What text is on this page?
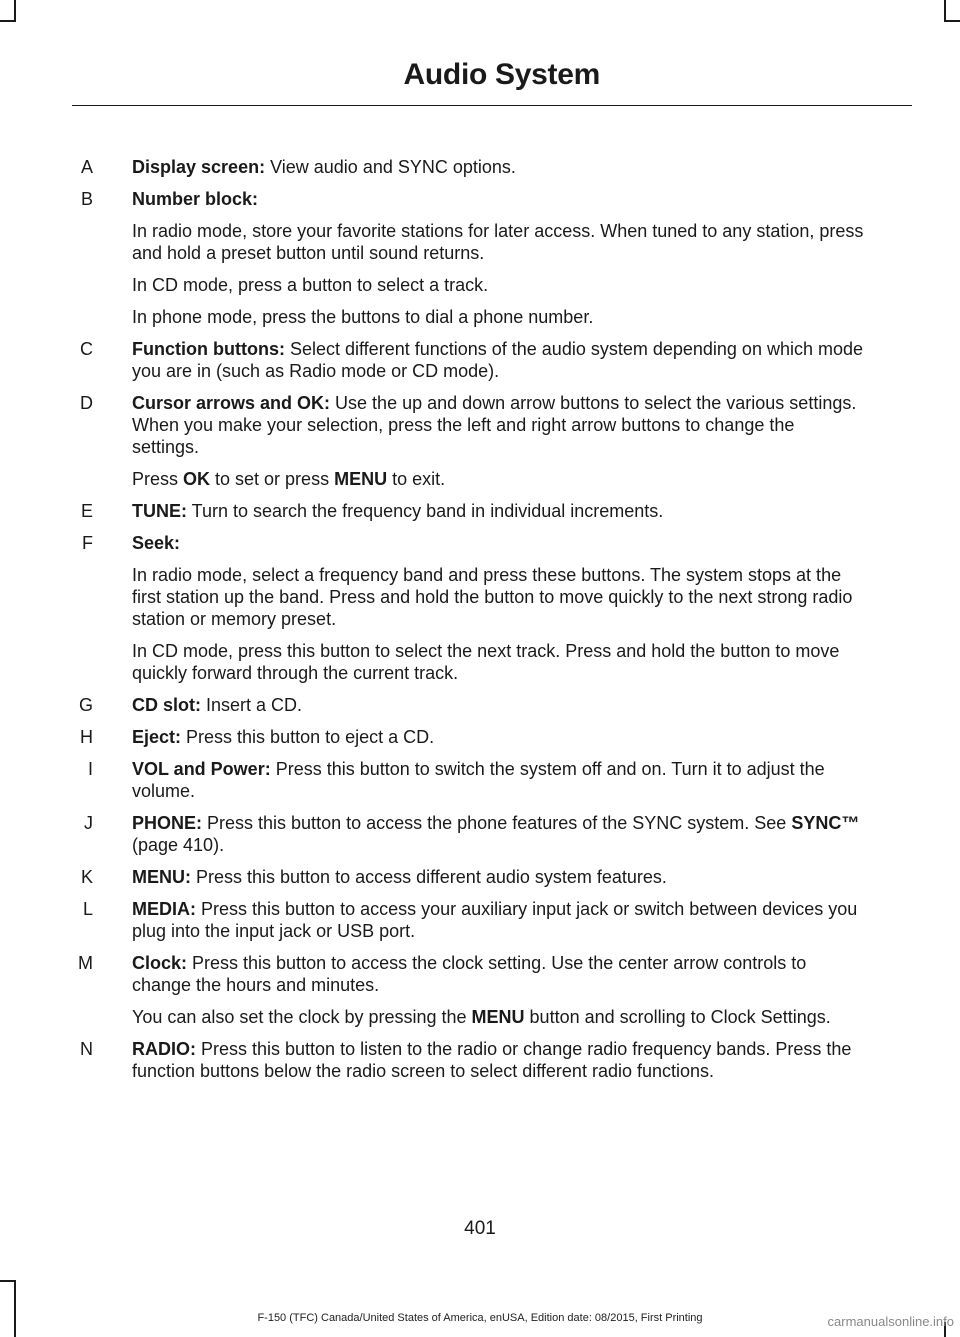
Audio System
A	Display screen: View audio and SYNC options.

B	Number block:

In radio mode, store your favorite stations for later access. When tuned to any station, press and hold a preset button until sound returns.

In CD mode, press a button to select a track.

In phone mode, press the buttons to dial a phone number.

C	Function buttons: Select different functions of the audio system depending on which mode you are in (such as Radio mode or CD mode).

D	Cursor arrows and OK: Use the up and down arrow buttons to select the various settings. When you make your selection, press the left and right arrow buttons to change the settings.

Press OK to set or press MENU to exit.

E	TUNE: Turn to search the frequency band in individual increments.

F	Seek:

In radio mode, select a frequency band and press these buttons. The system stops at the first station up the band. Press and hold the button to move quickly to the next strong radio station or memory preset.

In CD mode, press this button to select the next track. Press and hold the button to move quickly forward through the current track.

G	CD slot: Insert a CD.

H	Eject: Press this button to eject a CD.

I	VOL and Power: Press this button to switch the system off and on. Turn it to adjust the volume.

J	PHONE: Press this button to access the phone features of the SYNC system. See SYNC™ (page 410).

K	MENU: Press this button to access different audio system features.

L	MEDIA: Press this button to access your auxiliary input jack or switch between devices you plug into the input jack or USB port.

M	Clock: Press this button to access the clock setting. Use the center arrow controls to change the hours and minutes.

You can also set the clock by pressing the MENU button and scrolling to Clock Settings.

N	RADIO: Press this button to listen to the radio or change radio frequency bands. Press the function buttons below the radio screen to select different radio functions.

401
F-150 (TFC) Canada/United States of America, enUSA, Edition date: 08/2015, First Printing	carmanualsonline.info
